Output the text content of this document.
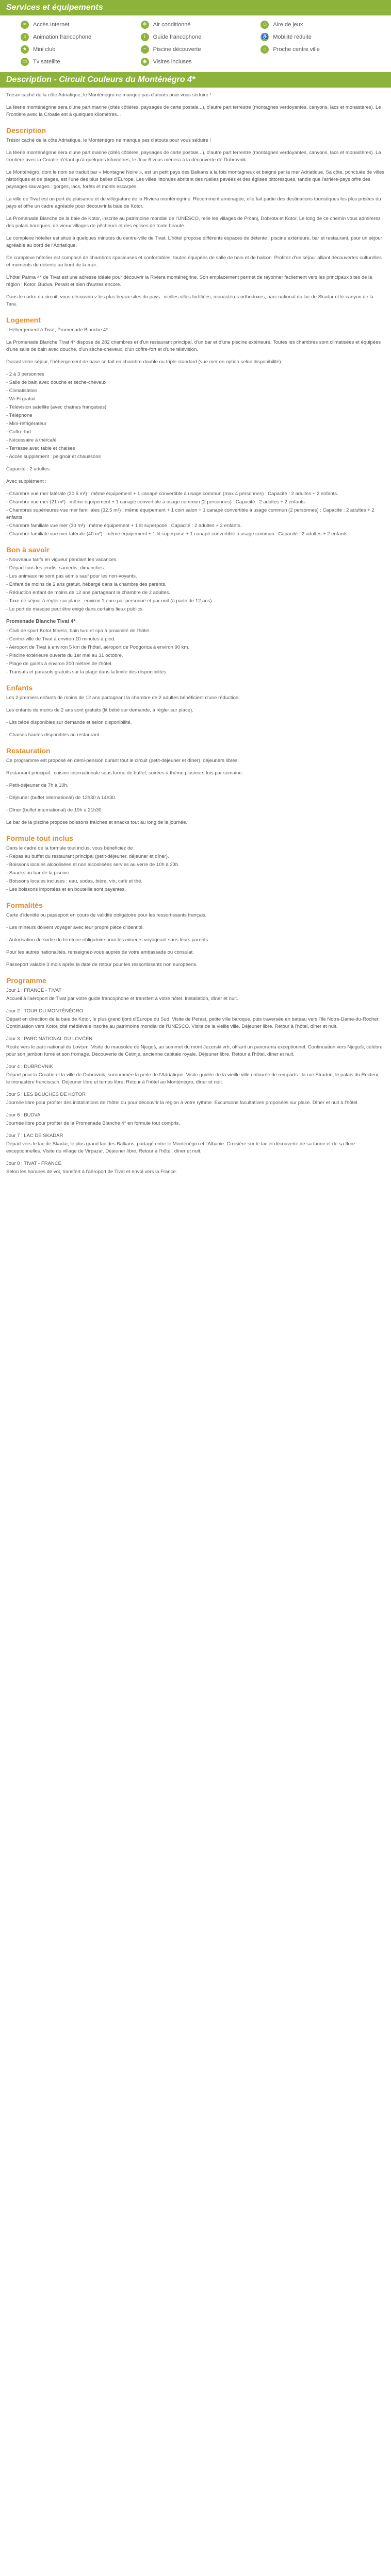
Services et équipements
≈	Accès Internet	❄	Air conditionné	☺ Aire de jeux
♫	Animation francophone	i	Guide francophone	♿ Mobilité réduite
★	Mini club	~	Piscine découverte	⌂	Proche centre ville
▭ Tv satellite	◉	Visites incluses
Description - Circuit Couleurs du Monténégro 4*

Trésor caché de la côte Adriatique, le Monténégro ne manque pas d'atouts pour vous séduire !

La féerie monténégrine sera d'une part marine (cités côtières, paysages de carte postale...), d'autre part terrestre (montagnes verdoyantes, canyons, lacs et monastères). Le Frontière avec la Croatie est à quelques kilomètres...

Description

Trésor caché de la côte Adriatique, le Monténégro ne manque pas d'atouts pour vous séduire !

La féerie monténégrine sera d'une part marine (cités côtières, paysages de carte postale...), d'autre part terrestre (montagnes verdoyantes, canyons, lacs et monastères). La frontière avec la Croatie n'étant qu'à quelques kilomètres, le Jour 6 vous mènera à la découverte de Dubrovnik.

Le Monténégro, dont le nom se traduit par « Montagne Noire », est un petit pays des Balkans à la fois montagneux et baigné par la mer Adriatique. Sa côte, ponctuée de villes historiques et de plages, est l'une des plus belles d'Europe. Les villes littorales abritent des ruelles pavées et des églises pittoresques, tandis que l'arrière-pays offre des paysages sauvages : gorges, lacs, forêts et monts escarpés.

La ville de Tivat est un port de plaisance et de villégiature de la Riviera monténégrine. Récemment aménagée, elle fait partie des destinations touristiques les plus prisées du pays et offre un cadre agréable pour découvrir la baie de Kotor.

La Promenade Blanche de la baie de Kotor, inscrite au patrimoine mondial de l'UNESCO, relie les villages de Prčanj, Dobrota et Kotor. Le long de ce chemin vous admirerez des palais baroques, de vieux villages de pêcheurs et des églises de toute beauté.

Le complexe hôtelier est situé à quelques minutes du centre-ville de Tivat. L'hôtel propose différents espaces de détente : piscine extérieure, bar et restaurant, pour un séjour agréable au bord de l'Adriatique.

Ce complexe hôtelier est composé de chambres spacieuses et confortables, toutes équipées de salle de bain et de balcon. Profitez d'un séjour alliant découvertes culturelles et moments de détente au bord de la mer.

L'hôtel Palma 4* de Tivat est une adresse idéale pour découvrir la Riviera monténégrine. Son emplacement permet de rayonner facilement vers les principaux sites de la région : Kotor, Budva, Perast et bien d'autres encore.

Dans le cadre du circuit, vous découvrirez les plus beaux sites du pays : vieilles villes fortifiées, monastères orthodoxes, parc national du lac de Skadar et le canyon de la Tara.

Logement

- Hébergement à Tivat, Promenade Blanche 4*

La Promenade Blanche Tivat 4* dispose de 282 chambres et d'un restaurant principal, d'un bar et d'une piscine extérieure. Toutes les chambres sont climatisées et équipées d'une salle de bain avec douche, d'un sèche-cheveux, d'un coffre-fort et d'une télévision.

Durant votre séjour, l'hébergement de base se fait en chambre double ou triple standard (vue mer en option selon disponibilité).

- 2 à 3 personnes
- Salle de bain avec douche et sèche-cheveux
- Climatisation
- Wi-Fi gratuit
- Télévision satellite (avec chaînes françaises)
- Téléphone
- Mini-réfrigérateur
- Coffre-fort
- Nécessaire à thé/café
- Terrasse avec table et chaises
- Accès supplément : peignoir et chaussons

Capacité : 2 adultes

Avec supplément :

- Chambre vue mer latérale (20.5 m²) : même équipement + 1 canapé convertible à usage commun (max 4 personnes) : Capacité : 2 adultes + 2 enfants.
- Chambre vue mer (21 m²) : même équipement + 1 canapé convertible à usage commun (2 personnes) : Capacité : 2 adultes + 2 enfants.
- Chambres supérieures vue mer familiales (32.5 m²) : même équipement + 1 coin salon + 1 canapé convertible à usage commun (2 personnes) : Capacité : 2 adultes + 2 enfants.
- Chambre familiale vue mer (30 m²) : même équipement + 1 lit superposé : Capacité : 2 adultes + 2 enfants.
- Chambre familiale vue mer latérale (40 m²) : même équipement + 1 lit superposé + 1 canapé convertible à usage commun : Capacité : 2 adultes + 2 enfants.
Bon à savoir
- Nouveaux tarifs en vigueur pendant les vacances.
- Départ tous les jeudis, samedis, dimanches.
- Les animaux ne sont pas admis sauf pour les non-voyants.
- Enfant de moins de 2 ans gratuit, hébergé dans la chambre des parents.
- Réduction enfant de moins de 12 ans partageant la chambre de 2 adultes.
- Taxe de séjour à régler sur place : environ 1 euro par personne et par nuit (à partir de 12 ans).
- Le port de masque peut être exigé dans certains lieux publics.
Promenade Blanche Tivat 4*
- Club de sport Kotor fitness, bain turc et spa à proximité de l'hôtel.
- Centre-ville de Tivat à environ 10 minutes à pied.
- Aéroport de Tivat à environ 5 km de l'hôtel, aéroport de Podgorica à environ 90 km.
- Piscine extérieure ouverte du 1er mai au 31 octobre.
- Plage de galets à environ 200 mètres de l'hôtel.
- Transats et parasols gratuits sur la plage dans la limite des disponibilités.
Enfants

Les 2 premiers enfants de moins de 12 ans partageant la chambre de 2 adultes bénéficient d'une réduction.

Les enfants de moins de 2 ans sont gratuits (lit bébé sur demande, à régler sur place).

- Lits bébé disponibles sur demande et selon disponibilité.

- Chaises hautes disponibles au restaurant.

Restauration

Ce programme est proposé en demi-pension durant tout le circuit (petit-déjeuner et dîner), déjeuners libres.

Restaurant principal : cuisine internationale sous forme de buffet, soirées à thème plusieurs fois par semaine.

- Petit-déjeuner de 7h à 10h.

- Déjeuner (buffet international) de 12h30 à 14h30.

- Dîner (buffet international) de 19h à 21h30.

Le bar de la piscine propose boissons fraîches et snacks tout au long de la journée.

Formule tout inclus
Dans le cadre de la formule tout inclus, vous bénéficiez de :
- Repas au buffet du restaurant principal (petit-déjeuner, déjeuner et dîner).
- Boissons locales alcoolisées et non alcoolisées servies au verre de 10h à 23h.
- Snacks au bar de la piscine.
- Boissons locales incluses : eau, sodas, bière, vin, café et thé.
- Les boissons importées et en bouteille sont payantes.
Formalités

Carte d'identité ou passeport en cours de validité obligatoire pour les ressortissants français.

- Les mineurs doivent voyager avec leur propre pièce d'identité.

- Autorisation de sortie du territoire obligatoire pour les mineurs voyageant sans leurs parents.

Pour les autres nationalités, renseignez-vous auprès de votre ambassade ou consulat.

Passeport valable 3 mois après la date de retour pour les ressortissants non européens.

Programme
Jour 1 : FRANCE - TIVAT

Accueil à l'aéroport de Tivat par votre guide francophone et transfert à votre hôtel. Installation, dîner et nuit.

Jour 2 : TOUR DU MONTÉNÉGRO

Départ en direction de la baie de Kotor, le plus grand fjord d'Europe du Sud. Visite de Perast, petite ville baroque, puis traversée en bateau vers l'île Notre-Dame-du-Rocher. Continuation vers Kotor, cité médiévale inscrite au patrimoine mondial de l'UNESCO. Visite de la vieille ville. Déjeuner libre. Retour à l'hôtel, dîner et nuit.

Jour 3 : PARC NATIONAL DU LOVĆEN

Route vers le parc national du Lovćen. Visite du mausolée de Njegoš, au sommet du mont Jezerski vrh, offrant un panorama exceptionnel. Continuation vers Njeguši, célèbre pour son jambon fumé et son fromage. Découverte de Cetinje, ancienne capitale royale. Déjeuner libre. Retour à l'hôtel, dîner et nuit.

Jour 4 : DUBROVNIK

Départ pour la Croatie et la ville de Dubrovnik, surnommée la perle de l'Adriatique. Visite guidée de la vieille ville entourée de remparts : la rue Stradun, le palais du Recteur, le monastère franciscain. Déjeuner libre et temps libre. Retour à l'hôtel au Monténégro, dîner et nuit.

Jour 5 : LES BOUCHES DE KOTOR

Journée libre pour profiter des installations de l'hôtel ou pour découvrir la région à votre rythme. Excursions facultatives proposées sur place. Dîner et nuit à l'hôtel.

Jour 6 : BUDVA

Journée libre pour profiter de la Promenade Blanche 4* en formule tout compris.

Jour 7 : LAC DE SKADAR

Départ vers le lac de Skadar, le plus grand lac des Balkans, partagé entre le Monténégro et l'Albanie. Croisière sur le lac et découverte de sa faune et de sa flore exceptionnelles. Visite du village de Virpazar. Déjeuner libre. Retour à l'hôtel, dîner et nuit.

Jour 8 : TIVAT - FRANCE

Selon les horaires de vol, transfert à l'aéroport de Tivat et envol vers la France.
